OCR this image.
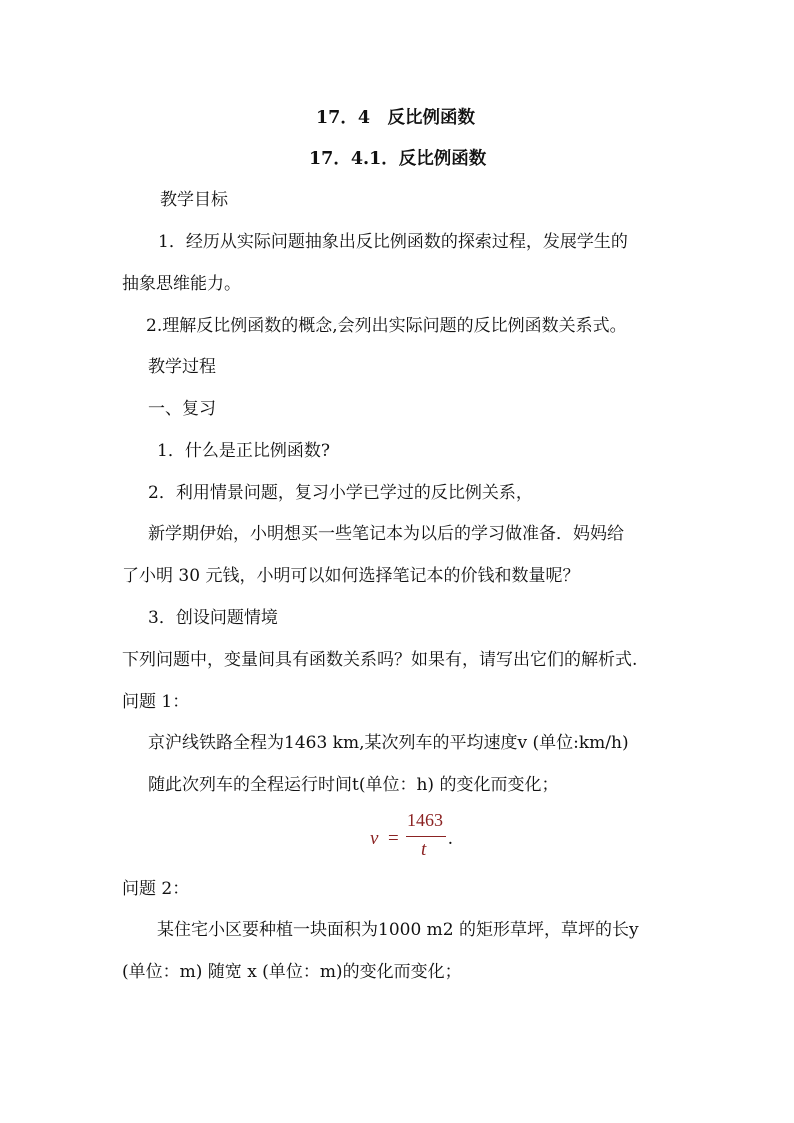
17．4　反比例函数
17．4.1．反比例函数
教学目标
1．经历从实际问题抽象出反比例函数的探索过程，发展学生的
抽象思维能力。
2.理解反比例函数的概念,会列出实际问题的反比例函数关系式。
教学过程
一、复习
1．什么是正比例函数?
2．利用情景问题，复习小学已学过的反比例关系，
新学期伊始，小明想买一些笔记本为以后的学习做准备．妈妈给
了小明 30 元钱，小明可以如何选择笔记本的价钱和数量呢？
3．创设问题情境
下列问题中，变量间具有函数关系吗？如果有，请写出它们的解析式.
问题 1：
京沪线铁路全程为1463 km,某次列车的平均速度v (单位:km/h)
随此次列车的全程运行时间t(单位：h) 的变化而变化；
v =
1463
t
.
问题 2：
某住宅小区要种植一块面积为1000 m2 的矩形草坪，草坪的长y
(单位：m) 随宽 x (单位：m)的变化而变化；
